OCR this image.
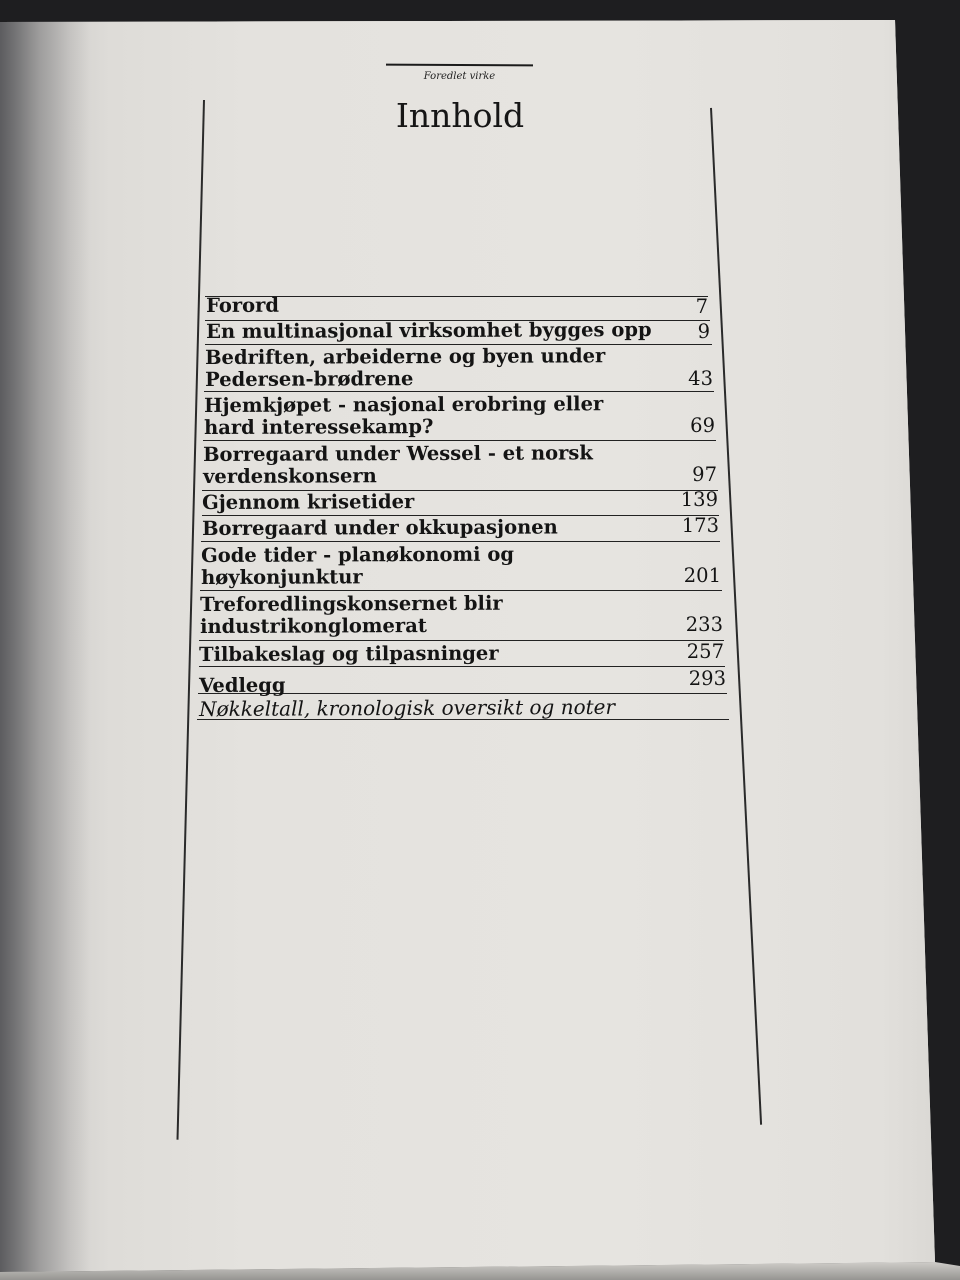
Foredlet virke
Innhold
Forord	7
En multinasjonal virksomhet bygges opp	9
Bedriften, arbeiderne og byen under
Pedersen-brødrene	43
Hjemkjøpet - nasjonal erobring eller
hard interessekamp?	69
Borregaard under Wessel - et norsk
verdenskonsern	97
Gjennom krisetider	139
Borregaard under okkupasjonen	173
Gode tider - planøkonomi og
høykonjunktur	201
Treforedlingskonsernet blir
industrikonglomerat	233
Tilbakeslag og tilpasninger	257
Vedlegg	293
Nøkkeltall, kronologisk oversikt og noter
